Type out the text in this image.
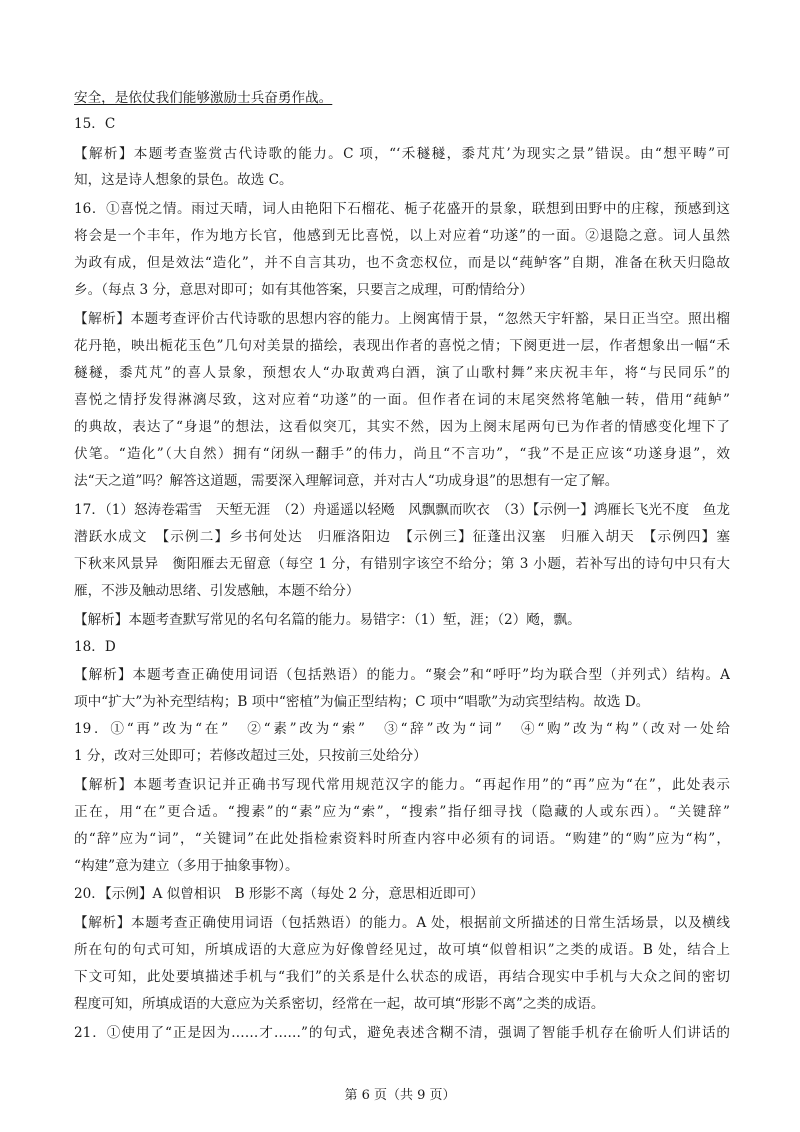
安全，是依仗我们能够激励士兵奋勇作战。
15．C
【解析】本题考查鉴赏古代诗歌的能力。C 项，“‘禾穟穟，黍芃芃’为现实之景”错误。由“想平畴”可
知，这是诗人想象的景色。故选 C。
16．①喜悦之情。雨过天晴，词人由艳阳下石榴花、栀子花盛开的景象，联想到田野中的庄稼，预感到这
将会是一个丰年，作为地方长官，他感到无比喜悦，以上对应着“功遂”的一面。②退隐之意。词人虽然
为政有成，但是效法“造化”，并不自言其功，也不贪恋权位，而是以“莼鲈客”自期，准备在秋天归隐故
乡。（每点 3 分，意思对即可；如有其他答案，只要言之成理，可酌情给分）
【解析】本题考查评价古代诗歌的思想内容的能力。上阕寓情于景，“忽然天宇轩豁，杲日正当空。照出榴
花丹艳，映出栀花玉色”几句对美景的描绘，表现出作者的喜悦之情；下阕更进一层，作者想象出一幅“禾
穟穟，黍芃芃”的喜人景象，预想农人“办取黄鸡白酒，演了山歌村舞”来庆祝丰年，将“与民同乐”的
喜悦之情抒发得淋漓尽致，这对应着“功遂”的一面。但作者在词的末尾突然将笔触一转，借用“莼鲈”
的典故，表达了“身退”的想法，这看似突兀，其实不然，因为上阕末尾两句已为作者的情感变化埋下了
伏笔。“造化”（大自然）拥有“闭纵一翻手”的伟力，尚且“不言功”，“我”不是正应该“功遂身退”，效
法“天之道”吗？解答这道题，需要深入理解词意，并对古人“功成身退”的思想有一定了解。
17．（1）怒涛卷霜雪　天堑无涯　（2）舟遥遥以轻飏　风飘飘而吹衣　（3）【示例一】鸿雁长飞光不度　鱼龙
潜跃水成文　【示例二】乡书何处达　归雁洛阳边　【示例三】征蓬出汉塞　归雁入胡天　【示例四】塞
下秋来风景异　衡阳雁去无留意（每空 1 分，有错别字该空不给分；第 3 小题，若补写出的诗句中只有大
雁，不涉及触动思绪、引发感触，本题不给分）
【解析】本题考查默写常见的名句名篇的能力。易错字：（1）堑，涯；（2）飏，飘。
18．D
【解析】本题考查正确使用词语（包括熟语）的能力。“聚会”和“呼吁”均为联合型（并列式）结构。A
项中“扩大”为补充型结构；B 项中“密植”为偏正型结构；C 项中“唱歌”为动宾型结构。故选 D。
19．①“再”改为“在”　②“素”改为“索”　③“辞”改为“词”　④“购”改为“构”（改对一处给
1 分，改对三处即可；若修改超过三处，只按前三处给分）
【解析】本题考查识记并正确书写现代常用规范汉字的能力。“再起作用”的“再”应为“在”，此处表示
正在，用“在”更合适。“搜素”的“素”应为“索”，“搜索”指仔细寻找（隐藏的人或东西）。“关键辞”
的“辞”应为“词”，“关键词”在此处指检索资料时所查内容中必须有的词语。“购建”的“购”应为“构”，
“构建”意为建立（多用于抽象事物）。
20．【示例】A 似曾相识　B 形影不离（每处 2 分，意思相近即可）
【解析】本题考查正确使用词语（包括熟语）的能力。A 处，根据前文所描述的日常生活场景，以及横线
所在句的句式可知，所填成语的大意应为好像曾经见过，故可填“似曾相识”之类的成语。B 处，结合上
下文可知，此处要填描述手机与“我们”的关系是什么状态的成语，再结合现实中手机与大众之间的密切
程度可知，所填成语的大意应为关系密切，经常在一起，故可填“形影不离”之类的成语。
21．①使用了“正是因为……才……”的句式，避免表述含糊不清，强调了智能手机存在偷听人们讲话的
第 6 页（共 9 页）
